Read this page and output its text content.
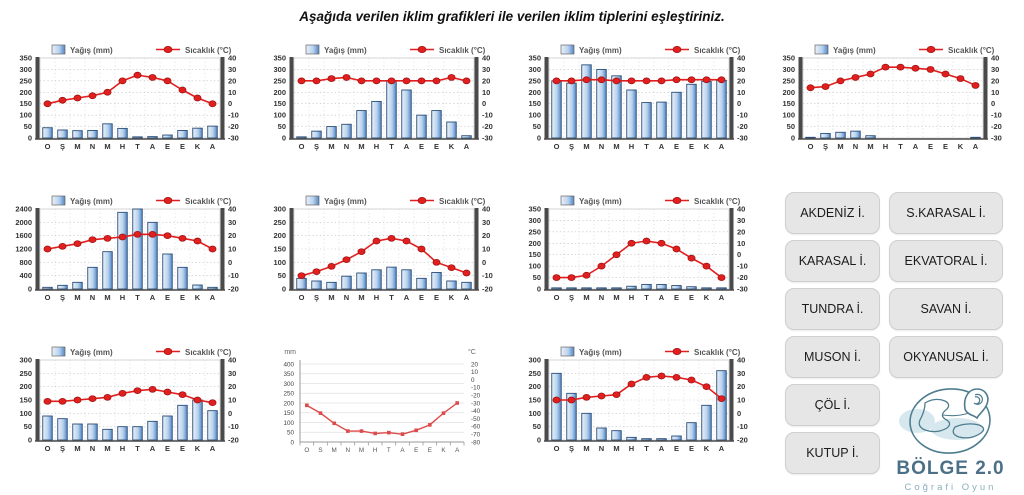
Aşağıda verilen iklim grafikleri ile verilen iklim tiplerini eşleştiriniz.
Yağış (mm)	Sıcaklık (°C)
0	-30
50	-20
100	-10
150	0
200	10
250	20
300	30
350	40
O Ş M N M H T A E E K A
Yağış (mm)	Sıcaklık (°C)
0	-30
50	-20
100	-10
150	0
200	10
250	20
300	30
350	40
O Ş M N M H T A E E K A
Yağış (mm)	Sıcaklık (°C)
0	-30
50	-20
100	-10
150	0
200	10
250	20
300	30
350	40
O Ş M N M H T A E E K A
Yağış (mm)	Sıcaklık (°C)
0	-30
50	-20
100	-10
150	0
200	10
250	20
300	30
350	40
O Ş M N M H T A E E K A
Yağış (mm)	Sıcaklık (°C)
0	-20
400	-10
800	0
1200	10
1600	20
2000	30
2400	40
O Ş M N M H T A E E K A
Yağış (mm)	Sıcaklık (°C)
0	-20
50	-10
100	0
150	10
200	20
250	30
300	40
O Ş M N M H T A E E K A
Yağış (mm)	Sıcaklık (°C)
0	-30
50	-20
100	-10
150	0
200	10
250	20
300	30
350	40
O Ş M N M H T A E E K A
Yağış (mm)	Sıcaklık (°C)
0	-20
50	-10
100	0
150	10
200	20
250	30
300	40
O Ş M N M H T A E E K A
mm	°C
0
50
100
150
200
250
300
350
400	20
10
0
-10
-20
-30
-40
-50
-60
-70
-80
O S M N M H T A E E K A
Yağış (mm)	Sıcaklık (°C)
0	-20
50	-10
100	0
150	10
200	20
250	30
300	40
O Ş M N M H T A E E K A
AKDENİZ İ.	S.KARASAL İ.
KARASAL İ.	EKVATORAL İ.
TUNDRA İ.	SAVAN İ.
MUSON İ.	OKYANUSAL İ.
ÇÖL İ.
KUTUP İ.
BÖLGE 2.0
Coğrafi Oyun
